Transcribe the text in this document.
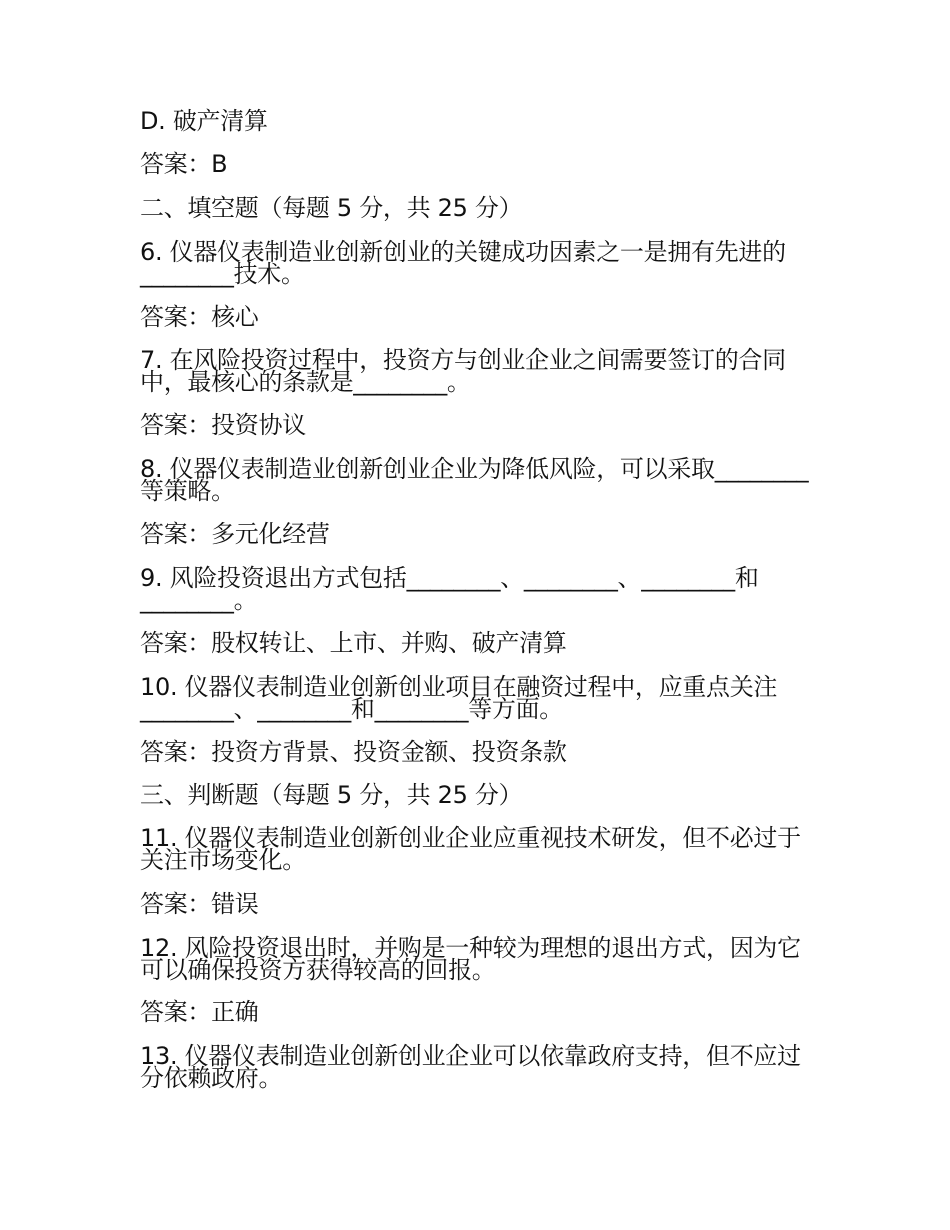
D. 破产清算
答案：B
二、填空题（每题 5 分，共 25 分）
6. 仪器仪表制造业创新创业的关键成功因素之一是拥有先进的________技术。
答案：核心
7. 在风险投资过程中，投资方与创业企业之间需要签订的合同中，最核心的条款是________。
答案：投资协议
8. 仪器仪表制造业创新创业企业为降低风险，可以采取________等策略。
答案：多元化经营
9. 风险投资退出方式包括________、________、________和________。
答案：股权转让、上市、并购、破产清算
10. 仪器仪表制造业创新创业项目在融资过程中，应重点关注________、________和________等方面。
答案：投资方背景、投资金额、投资条款
三、判断题（每题 5 分，共 25 分）
11. 仪器仪表制造业创新创业企业应重视技术研发，但不必过于关注市场变化。
答案：错误
12. 风险投资退出时，并购是一种较为理想的退出方式，因为它可以确保投资方获得较高的回报。
答案：正确
13. 仪器仪表制造业创新创业企业可以依靠政府支持，但不应过分依赖政府。
